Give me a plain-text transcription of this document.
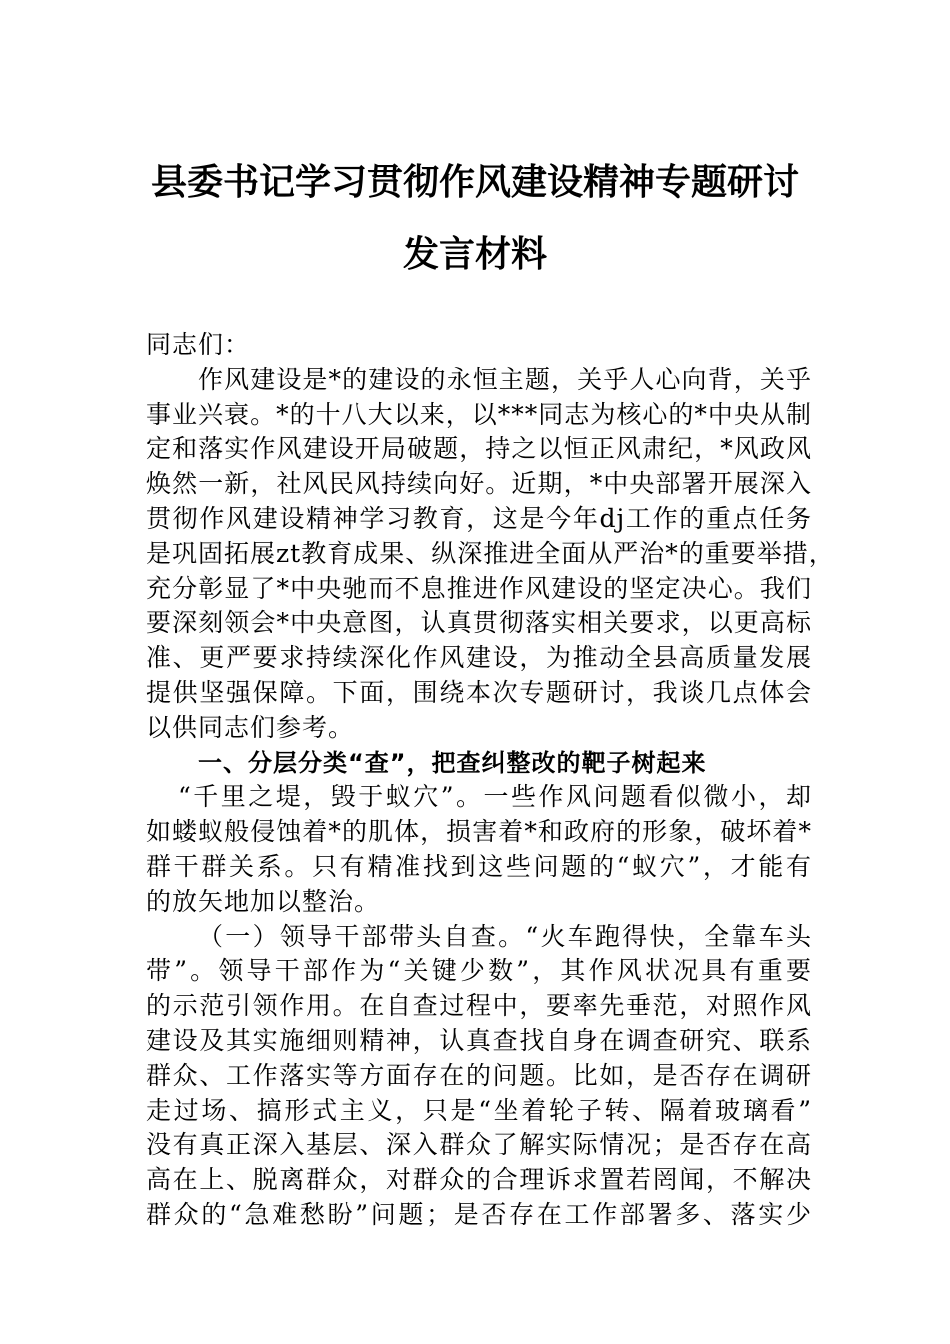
县委书记学习贯彻作风建设精神专题研讨
发言材料
同志们：
作风建设是*的建设的永恒主题，关乎人心向背，关乎
事业兴衰。*的十八大以来，以***同志为核心的*中央从制
定和落实作风建设开局破题，持之以恒正风肃纪，*风政风
焕然一新，社风民风持续向好。近期，*中央部署开展深入
贯彻作风建设精神学习教育，这是今年dj工作的重点任务
是巩固拓展zt教育成果、纵深推进全面从严治*的重要举措，
充分彰显了*中央驰而不息推进作风建设的坚定决心。我们
要深刻领会*中央意图，认真贯彻落实相关要求，以更高标
准、更严要求持续深化作风建设，为推动全县高质量发展
提供坚强保障。下面，围绕本次专题研讨，我谈几点体会
以供同志们参考。
一、分层分类“查”，把查纠整改的靶子树起来
“千里之堤，毁于蚁穴”。一些作风问题看似微小，却
如蝼蚁般侵蚀着*的肌体，损害着*和政府的形象，破坏着*
群干群关系。只有精准找到这些问题的“蚁穴”，才能有
的放矢地加以整治。
（一）领导干部带头自查。“火车跑得快，全靠车头
带”。领导干部作为“关键少数”，其作风状况具有重要
的示范引领作用。在自查过程中，要率先垂范，对照作风
建设及其实施细则精神，认真查找自身在调查研究、联系
群众、工作落实等方面存在的问题。比如，是否存在调研
走过场、搞形式主义，只是“坐着轮子转、隔着玻璃看”
没有真正深入基层、深入群众了解实际情况；是否存在高
高在上、脱离群众，对群众的合理诉求置若罔闻，不解决
群众的“急难愁盼”问题；是否存在工作部署多、落实少
